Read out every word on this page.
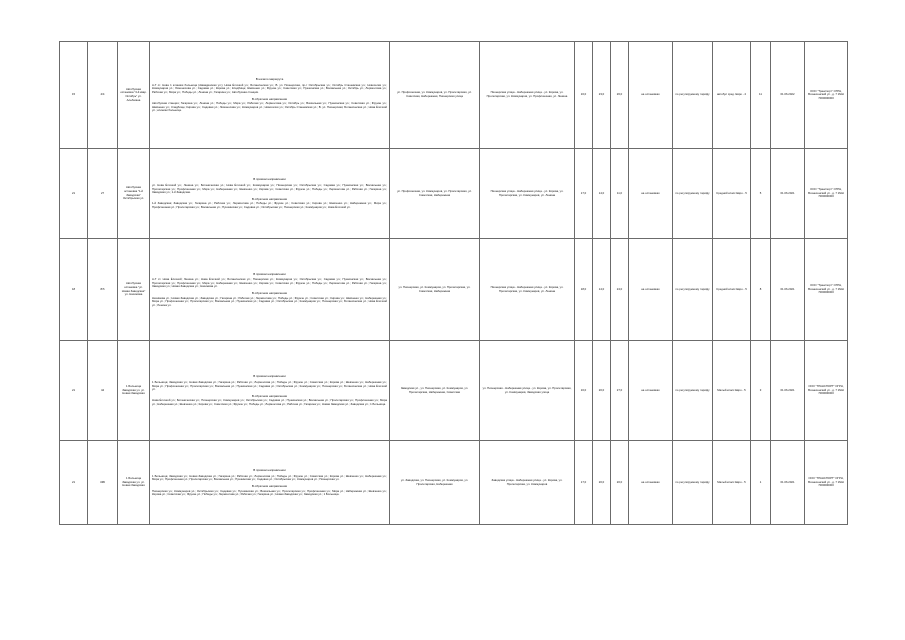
15	4/4	Автобусная остановка "4-й квар. Октябрь" ул. Альбагана	В начало маршрута
А-Т ст. Нова 1 клиники больница (Авмадинская ул.); Нова Ёлочкой ул.; Ботаническая ул.; В. ул. Пионерская, пр-т Октябрьская ул.; Октябрь Сташевская ул.; Новоселки ул.; Коммунаров ул.; Ломоносова ул.; Садовая ул.; Кирова ул.; Кладбище; Шевченко ул.; Фрунзе ул.; Советская ул.; Пушкинская ул.; Вокзальная ул.; Октябрь ул.; Лермонтова ул.; Рабочая ул.; Мира ул.; Победы ул.; Ленина ул.; Гагарина ул.; Автобусная станция.
В обратном направлении
Автобусная станция; Гагарина ул.; Ленина ул.; Победы ул.; Мира ул.; Рабочая ул.; Лермонтова ул.; Октябрь ул.; Вокзальная ул.; Пушкинская ул.; Советская ул.; Фрунзе ул.; Шевченко ул.; Кладбище; Кирова ул.; Садовая ул.; Ломоносова ул.; Коммунаров ул.; Новоселки ул.; Октябрь Сташевская ул.; В. ул. Пионерская; Ботаническая ул.; Нова Ёлочкой ул.; клиники больница.	ул. Профсоюзная, ул. Коммунаров, ул. Пролетарская, ул. Советская, Набережная, Пионерская улица	Пионерская улица - Набережная улица - ул. Кирова, ул. Пролетарская, ул. Коммунаров, ул. Профсоюзная, ул. Ленина	16,0	23,0	26,0	на остановках	по регулируемому тарифу	автобус сред. Евро - 4	11	01.06.2022	ООО "Транспорт" ОГРН, Вознесенский ул., д. 7 ИНН 7000000000
21	27	Автобусная остановка "1-й Заводская" Октябрьская ул.	В прямом направлении
ул. Нова Ёлочкой ул.; Ленина ул.; Ботаническая ул.; Нова Ёлочкой ул.; Коммунаров ул.; Пионерская ул.; Октябрьская ул.; Садовая ул.; Пушкинская ул.; Вокзальная ул.; Пролетарская ул.; Профсоюзная ул.; Мира ул.; Набережная ул.; Шевченко ул.; Кирова ул.; Советская ул.; Фрунзе ул.; Победы ул.; Лермонтова ул.; Рабочая ул.; Гагарина ул.; Заводская ул.; 1-й Заводская.
В обратном направлении
1-й Заводская; Заводская ул.; Гагарина ул.; Рабочая ул.; Лермонтова ул.; Победы ул.; Фрунзе ул.; Советская ул.; Кирова ул.; Шевченко ул.; Набережная ул.; Мира ул.; Профсоюзная ул.; Пролетарская ул.; Вокзальная ул.; Пушкинская ул.; Садовая ул.; Октябрьская ул.; Пионерская ул.; Коммунаров ул.; Нова Ёлочкой ул.	ул. Профсоюзная, ул. Коммунаров, ул. Пролетарская, ул. Советская, Набережная	Пионерская улица - Набережная улица - ул. Кирова, ул. Пролетарская, ул. Коммунаров, ул. Ленина	17,0	14,0	11,0	на остановках	по регулируемому тарифу	Средний класс Евро - 5	5	01.06.2021	ООО "Транспорт" ОГРН, Вознесенский ул., д. 7 ИНН 7000000000
18	8/б	Автобусная остановка "ул. Новая Заводская" ул. Нахимова	В прямом направлении
А-Т ст. Нова Ёлочкой; Ленина ул.; Нова Ёлочкой ул.; Ботаническая ул.; Пионерская ул.; Коммунаров ул.; Октябрьская ул.; Садовая ул.; Пушкинская ул.; Вокзальная ул.; Пролетарская ул.; Профсоюзная ул.; Мира ул.; Набережная ул.; Шевченко ул.; Кирова ул.; Советская ул.; Фрунзе ул.; Победы ул.; Лермонтова ул.; Рабочая ул.; Гагарина ул.; Заводская ул.; Новая Заводская ул.; Нахимова ул.
В обратном направлении
Нахимова ул.; Новая Заводская ул.; Заводская ул.; Гагарина ул.; Рабочая ул.; Лермонтова ул.; Победы ул.; Фрунзе ул.; Советская ул.; Кирова ул.; Шевченко ул.; Набережная ул.; Мира ул.; Профсоюзная ул.; Пролетарская ул.; Вокзальная ул.; Пушкинская ул.; Садовая ул.; Октябрьская ул.; Коммунаров ул.; Пионерская ул.; Ботаническая ул.; Нова Ёлочкой ул.; Ленина ул.	ул. Пионерская, ул. Коммунаров, ул. Пролетарская, ул. Советская, Набережная	Пионерская улица - Набережная улица - ул. Кирова, ул. Пролетарская, ул. Коммунаров, ул. Ленина	18,0	14,0	24,0	на остановках	по регулируемому тарифу	Средний класс Евро - 5	8	01.06.2021	ООО "Транспорт" ОГРН, Вознесенский ул., д. 7 ИНН 7000000000
21	44	1 Больница Заводская ул. ул. Новая Заводская	В прямом направлении
1 Больница; Заводская ул.; Новая Заводская ул.; Гагарина ул.; Рабочая ул.; Лермонтова ул.; Победы ул.; Фрунзе ул.; Советская ул.; Кирова ул.; Шевченко ул.; Набережная ул.; Мира ул.; Профсоюзная ул.; Пролетарская ул.; Вокзальная ул.; Пушкинская ул.; Садовая ул.; Октябрьская ул.; Коммунаров ул.; Пионерская ул.; Ботаническая ул.; Нова Ёлочкой ул.
В обратном направлении
Нова Ёлочкой ул.; Ботаническая ул.; Пионерская ул.; Коммунаров ул.; Октябрьская ул.; Садовая ул.; Пушкинская ул.; Вокзальная ул.; Пролетарская ул.; Профсоюзная ул.; Мира ул.; Набережная ул.; Шевченко ул.; Кирова ул.; Советская ул.; Фрунзе ул.; Победы ул.; Лермонтова ул.; Рабочая ул.; Гагарина ул.; Новая Заводская ул.; Заводская ул.; 1 Больница.	Заводская ул., ул. Пионерская, ул. Коммунаров, ул. Пролетарская, Набережная, Советская	ул. Пионерская - Набережная улица - ул. Кирова, ул. Пролетарская, ул. Коммунаров, Заводская улица	16,0	20,0	27,0	на остановках	по регулируемому тарифу	Малый класс Евро - 5	3	01.06.2021	ООО "ТРАНСПОРТ" ОГРН, Вознесенский ул., д. 7 ИНН 7000000000
21	43Б	1 Больница Заводская ул. ул. Новая Заводская	В прямом направлении
1 Больница; Заводская ул.; Новая Заводская ул.; Гагарина ул.; Рабочая ул.; Лермонтова ул.; Победы ул.; Фрунзе ул.; Советская ул.; Кирова ул.; Шевченко ул.; Набережная ул.; Мира ул.; Профсоюзная ул.; Пролетарская ул.; Вокзальная ул.; Пушкинская ул.; Садовая ул.; Октябрьская ул.; Коммунаров ул.; Пионерская ул.
В обратном направлении
Пионерская ул.; Коммунаров ул.; Октябрьская ул.; Садовая ул.; Пушкинская ул.; Вокзальная ул.; Пролетарская ул.; Профсоюзная ул.; Мира ул.; Набережная ул.; Шевченко ул.; Кирова ул.; Советская ул.; Фрунзе ул.; Победы ул.; Лермонтова ул.; Рабочая ул.; Гагарина ул.; Новая Заводская ул.; Заводская ул.; 1 Больница.	ул. Заводская, ул. Пионерская, ул. Коммунаров, ул. Пролетарская, Набережная	Заводская улица - Набережная улица - ул. Кирова, ул. Пролетарская, ул. Коммунаров	17,0	20,0	20,0	на остановках	по регулируемому тарифу	Малый класс Евро - 5	1	01.06.2021	ООО "ТРАНСПОРТ" ОГРН, Вознесенский ул., д. 7 ИНН 7000000000
